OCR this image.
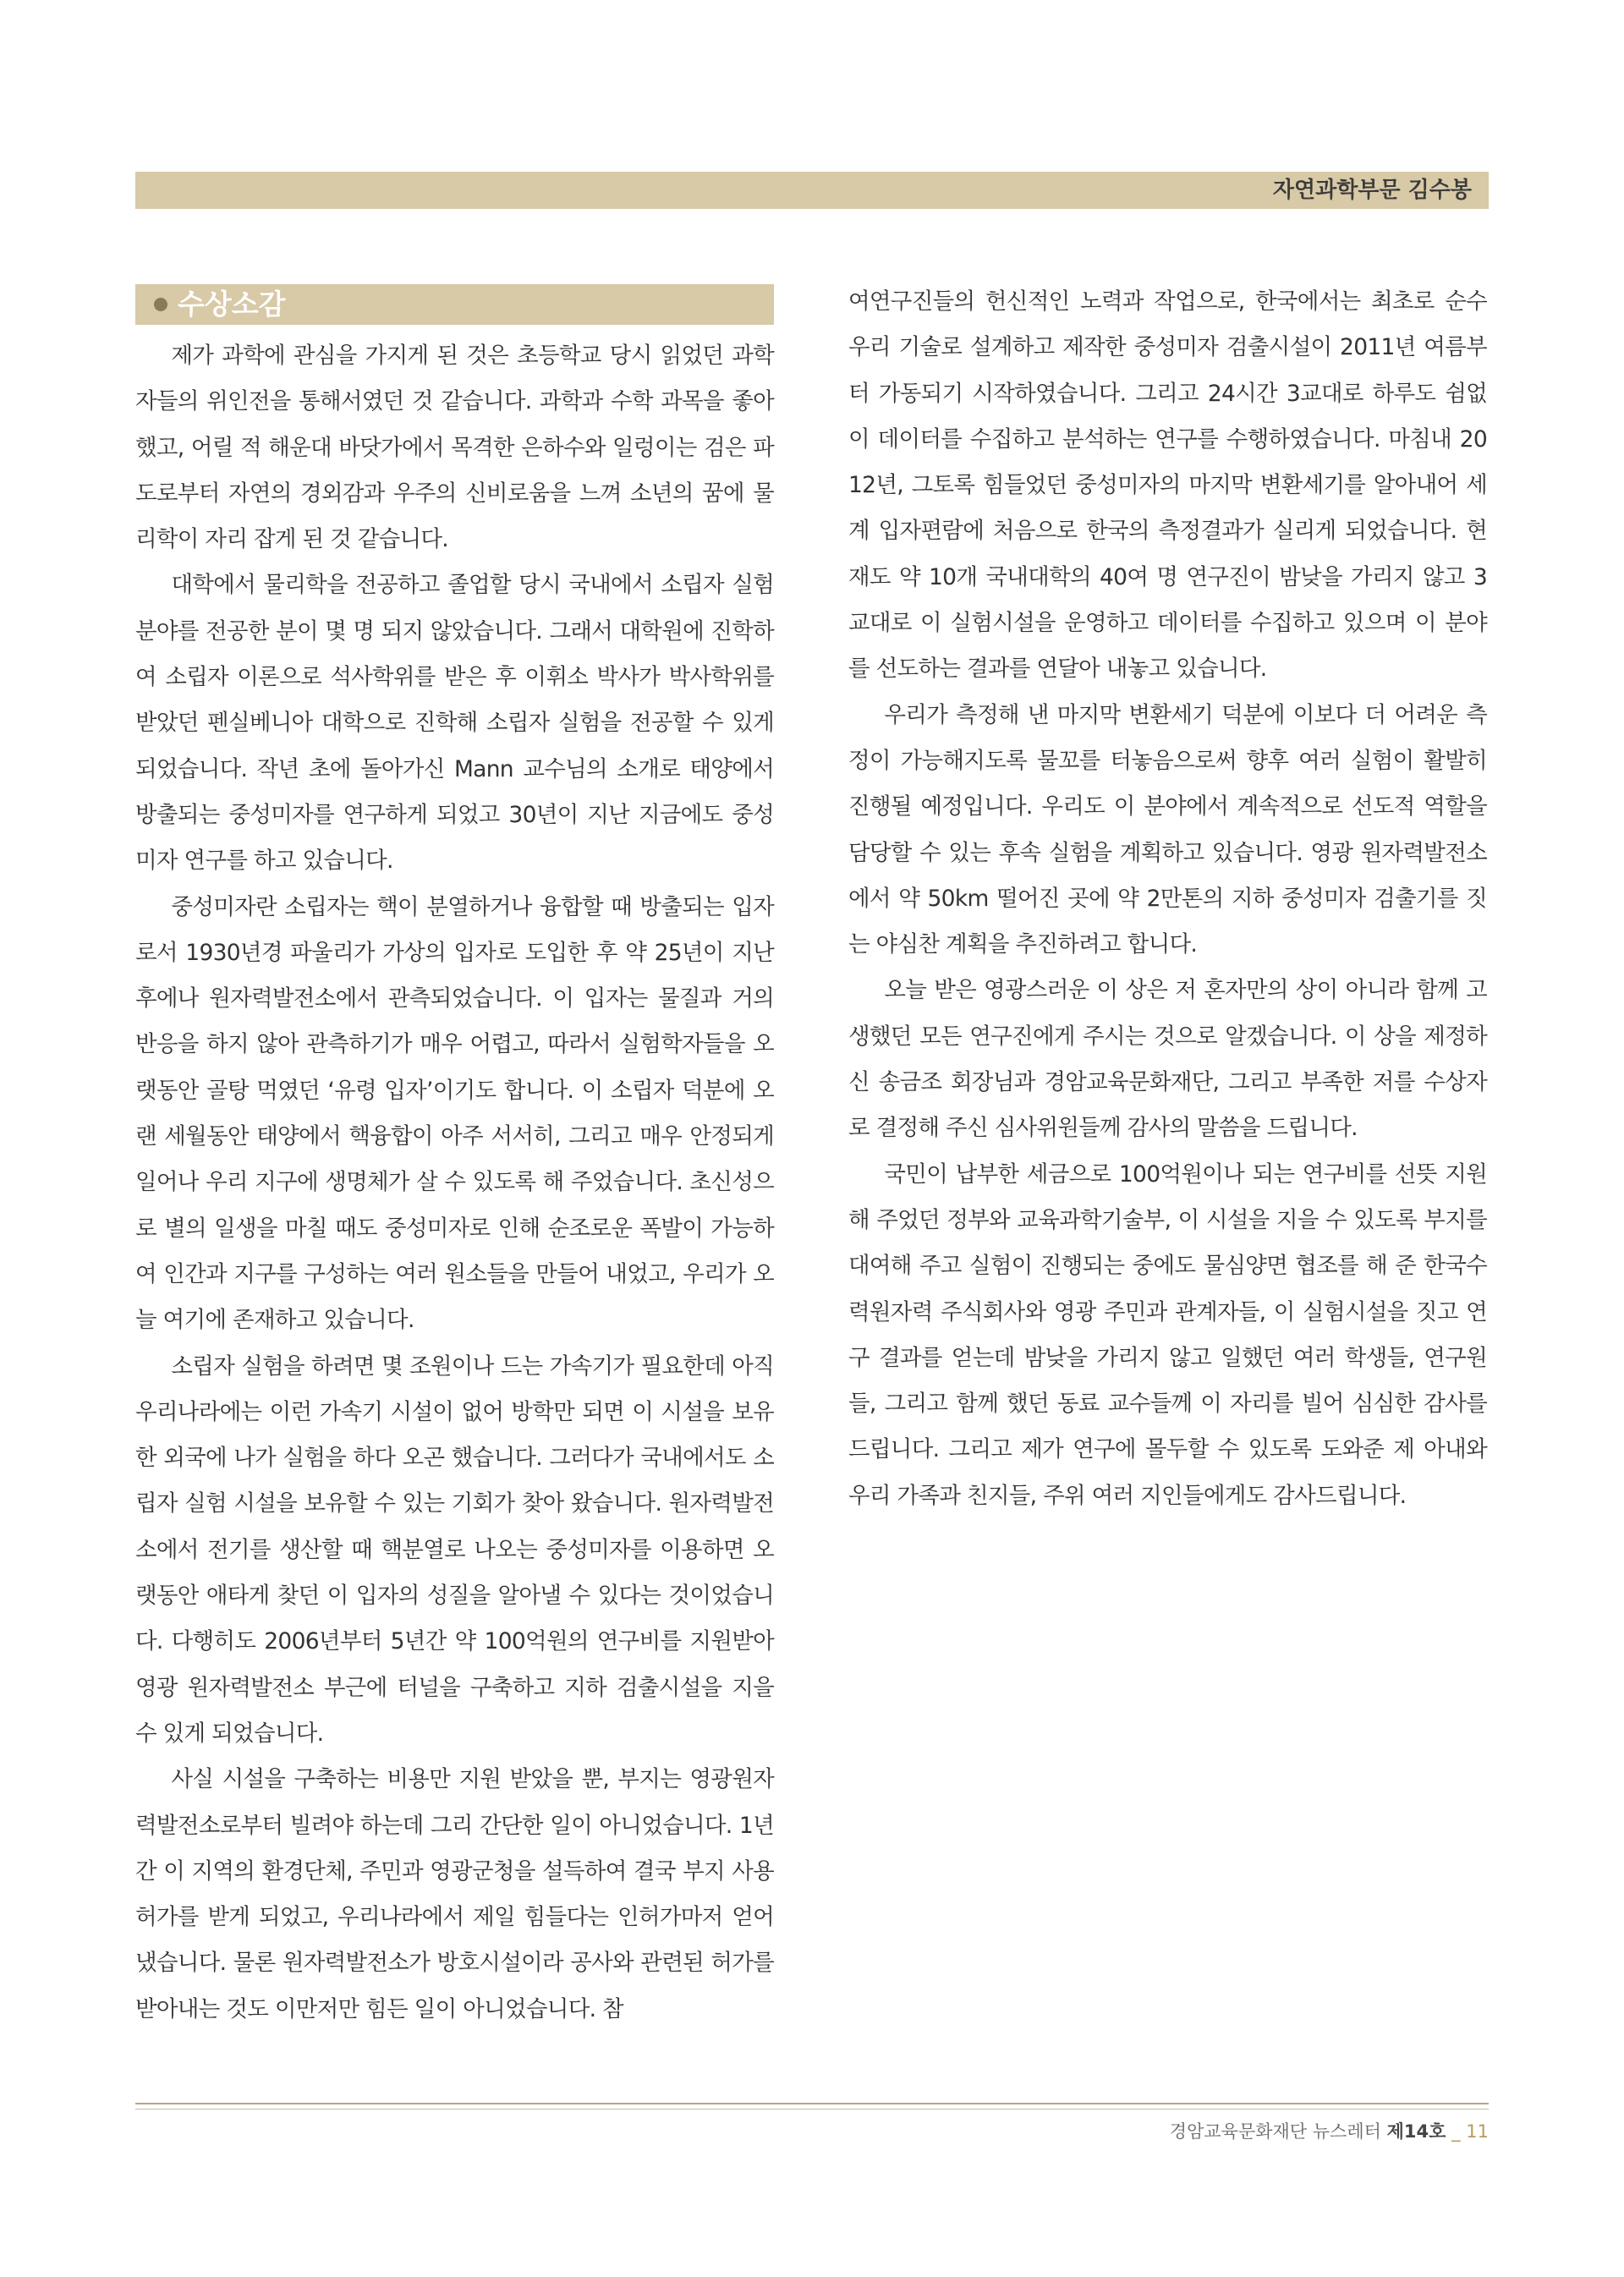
자연과학부문 김수봉
수상소감

제가 과학에 관심을 가지게 된 것은 초등학교 당시 읽었던 과학자들의 위인전을 통해서였던 것 같습니다. 과학과 수학 과목을 좋아했고, 어릴 적 해운대 바닷가에서 목격한 은하수와 일렁이는 검은 파도로부터 자연의 경외감과 우주의 신비로움을 느껴 소년의 꿈에 물리학이 자리 잡게 된 것 같습니다.

대학에서 물리학을 전공하고 졸업할 당시 국내에서 소립자 실험 분야를 전공한 분이 몇 명 되지 않았습니다. 그래서 대학원에 진학하여 소립자 이론으로 석사학위를 받은 후 이휘소 박사가 박사학위를 받았던 펜실베니아 대학으로 진학해 소립자 실험을 전공할 수 있게 되었습니다. 작년 초에 돌아가신 Mann 교수님의 소개로 태양에서 방출되는 중성미자를 연구하게 되었고 30년이 지난 지금에도 중성미자 연구를 하고 있습니다.

중성미자란 소립자는 핵이 분열하거나 융합할 때 방출되는 입자로서 1930년경 파울리가 가상의 입자로 도입한 후 약 25년이 지난 후에나 원자력발전소에서 관측되었습니다. 이 입자는 물질과 거의 반응을 하지 않아 관측하기가 매우 어렵고, 따라서 실험학자들을 오랫동안 골탕 먹였던 ‘유령 입자’이기도 합니다. 이 소립자 덕분에 오랜 세월동안 태양에서 핵융합이 아주 서서히, 그리고 매우 안정되게 일어나 우리 지구에 생명체가 살 수 있도록 해 주었습니다. 초신성으로 별의 일생을 마칠 때도 중성미자로 인해 순조로운 폭발이 가능하여 인간과 지구를 구성하는 여러 원소들을 만들어 내었고, 우리가 오늘 여기에 존재하고 있습니다.

소립자 실험을 하려면 몇 조원이나 드는 가속기가 필요한데 아직 우리나라에는 이런 가속기 시설이 없어 방학만 되면 이 시설을 보유한 외국에 나가 실험을 하다 오곤 했습니다. 그러다가 국내에서도 소립자 실험 시설을 보유할 수 있는 기회가 찾아 왔습니다. 원자력발전소에서 전기를 생산할 때 핵분열로 나오는 중성미자를 이용하면 오랫동안 애타게 찾던 이 입자의 성질을 알아낼 수 있다는 것이었습니다. 다행히도 2006년부터 5년간 약 100억원의 연구비를 지원받아 영광 원자력발전소 부근에 터널을 구축하고 지하 검출시설을 지을 수 있게 되었습니다.

사실 시설을 구축하는 비용만 지원 받았을 뿐, 부지는 영광원자력발전소로부터 빌려야 하는데 그리 간단한 일이 아니었습니다. 1년간 이 지역의 환경단체, 주민과 영광군청을 설득하여 결국 부지 사용 허가를 받게 되었고, 우리나라에서 제일 힘들다는 인허가마저 얻어냈습니다. 물론 원자력발전소가 방호시설이라 공사와 관련된 허가를 받아내는 것도 이만저만 힘든 일이 아니었습니다. 참

여연구진들의 헌신적인 노력과 작업으로, 한국에서는 최초로 순수 우리 기술로 설계하고 제작한 중성미자 검출시설이 2011년 여름부터 가동되기 시작하였습니다. 그리고 24시간 3교대로 하루도 쉼없이 데이터를 수집하고 분석하는 연구를 수행하였습니다. 마침내 2012년, 그토록 힘들었던 중성미자의 마지막 변환세기를 알아내어 세계 입자편람에 처음으로 한국의 측정결과가 실리게 되었습니다. 현재도 약 10개 국내대학의 40여 명 연구진이 밤낮을 가리지 않고 3교대로 이 실험시설을 운영하고 데이터를 수집하고 있으며 이 분야를 선도하는 결과를 연달아 내놓고 있습니다.

우리가 측정해 낸 마지막 변환세기 덕분에 이보다 더 어려운 측정이 가능해지도록 물꼬를 터놓음으로써 향후 여러 실험이 활발히 진행될 예정입니다. 우리도 이 분야에서 계속적으로 선도적 역할을 담당할 수 있는 후속 실험을 계획하고 있습니다. 영광 원자력발전소에서 약 50km 떨어진 곳에 약 2만톤의 지하 중성미자 검출기를 짓는 야심찬 계획을 추진하려고 합니다.

오늘 받은 영광스러운 이 상은 저 혼자만의 상이 아니라 함께 고생했던 모든 연구진에게 주시는 것으로 알겠습니다. 이 상을 제정하신 송금조 회장님과 경암교육문화재단, 그리고 부족한 저를 수상자로 결정해 주신 심사위원들께 감사의 말씀을 드립니다.

국민이 납부한 세금으로 100억원이나 되는 연구비를 선뜻 지원해 주었던 정부와 교육과학기술부, 이 시설을 지을 수 있도록 부지를 대여해 주고 실험이 진행되는 중에도 물심양면 협조를 해 준 한국수력원자력 주식회사와 영광 주민과 관계자들, 이 실험시설을 짓고 연구 결과를 얻는데 밤낮을 가리지 않고 일했던 여러 학생들, 연구원들, 그리고 함께 했던 동료 교수들께 이 자리를 빌어 심심한 감사를 드립니다. 그리고 제가 연구에 몰두할 수 있도록 도와준 제 아내와 우리 가족과 친지들, 주위 여러 지인들에게도 감사드립니다.

경암교육문화재단 뉴스레터 제14호 _ 11
